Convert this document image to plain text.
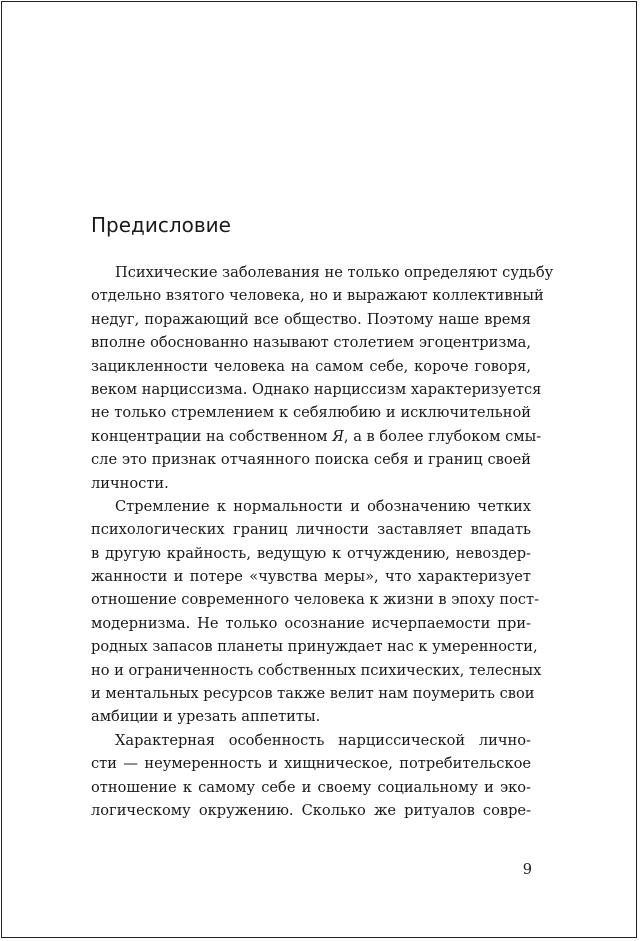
Предисловие
Психические заболевания не только определяют судьбу
отдельно взятого человека, но и выражают коллективный
недуг, поражающий все общество. Поэтому наше время
вполне обоснованно называют столетием эгоцентризма,
зацикленности человека на самом себе, короче говоря,
веком нарциссизма. Однако нарциссизм характеризуется
не только стремлением к себялюбию и исключительной
концентрации на собственном Я, а в более глубоком смы-
сле это признак отчаянного поиска себя и границ своей
личности.
Стремление к нормальности и обозначению четких
психологических границ личности заставляет впадать
в другую крайность, ведущую к отчуждению, невоздер-
жанности и потере «чувства меры», что характеризует
отношение современного человека к жизни в эпоху пост-
модернизма. Не только осознание исчерпаемости при-
родных запасов планеты принуждает нас к умеренности,
но и ограниченность собственных психических, телесных
и ментальных ресурсов также велит нам поумерить свои
амбиции и урезать аппетиты.
Характерная особенность нарциссической лично-
сти — неумеренность и хищническое, потребительское
отношение к самому себе и своему социальному и эко-
логическому окружению. Сколько же ритуалов совре-
9
